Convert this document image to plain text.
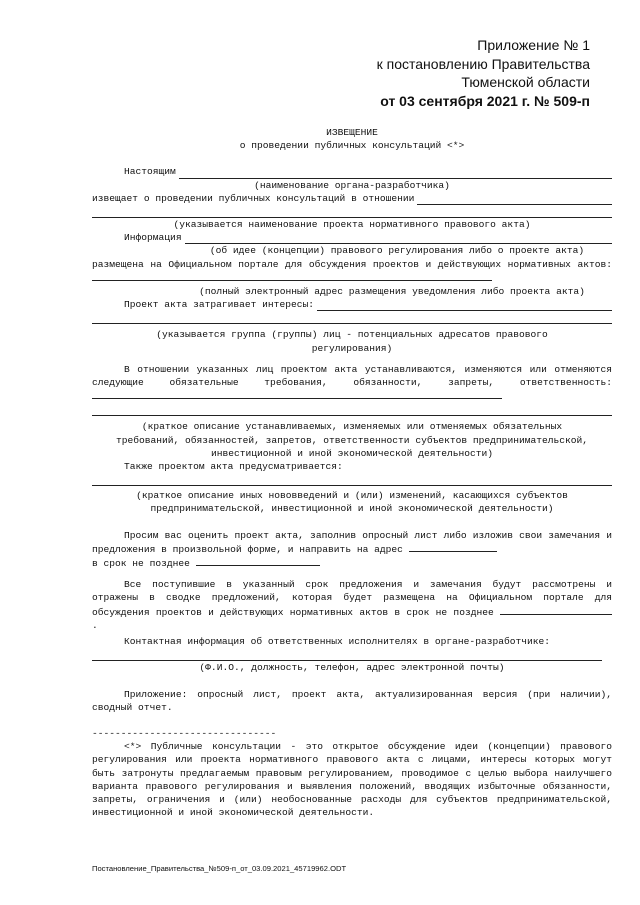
Приложение № 1
к постановлению Правительства
Тюменской области
от 03 сентября 2021 г. № 509-п
ИЗВЕЩЕНИЕ
о проведении публичных консультаций <*>
Настоящим
(наименование органа-разработчика)
извещает о проведении публичных консультаций в отношении
(указывается наименование проекта нормативного правового акта)
Информация
(об идее (концепции) правового регулирования либо о проекте акта)
размещена на Официальном портале для обсуждения проектов и действующих нормативных актов:
(полный электронный адрес размещения уведомления либо проекта акта)
Проект акта затрагивает интересы:
(указывается группа (группы) лиц - потенциальных адресатов правового регулирования)
В отношении указанных лиц проектом акта устанавливаются, изменяются или отменяются следующие обязательные требования, обязанности, запреты, ответственность:
(краткое описание устанавливаемых, изменяемых или отменяемых обязательных требований, обязанностей, запретов, ответственности субъектов предпринимательской, инвестиционной и иной экономической деятельности)
Также проектом акта предусматривается:
(краткое описание иных нововведений и (или) изменений, касающихся субъектов предпринимательской, инвестиционной и иной экономической деятельности)
Просим вас оценить проект акта, заполнив опросный лист либо изложив свои замечания и предложения в произвольной форме, и направить на адрес
в срок не позднее
Все поступившие в указанный срок предложения и замечания будут рассмотрены и отражены в сводке предложений, которая будет размещена на Официальном портале для обсуждения проектов и действующих нормативных актов в срок не позднее .
Контактная информация об ответственных исполнителях в органе-разработчике:
(Ф.И.О., должность, телефон, адрес электронной почты)
Приложение: опросный лист, проект акта, актуализированная версия (при наличии), сводный отчет.
--------------------------------
<*> Публичные консультации - это открытое обсуждение идеи (концепции) правового регулирования или проекта нормативного правового акта с лицами, интересы которых могут быть затронуты предлагаемым правовым регулированием, проводимое с целью выбора наилучшего варианта правового регулирования и выявления положений, вводящих избыточные обязанности, запреты, ограничения и (или) необоснованные расходы для субъектов предпринимательской, инвестиционной и иной экономической деятельности.
Постановление_Правительства_№509-п_от_03.09.2021_45719962.ODT
